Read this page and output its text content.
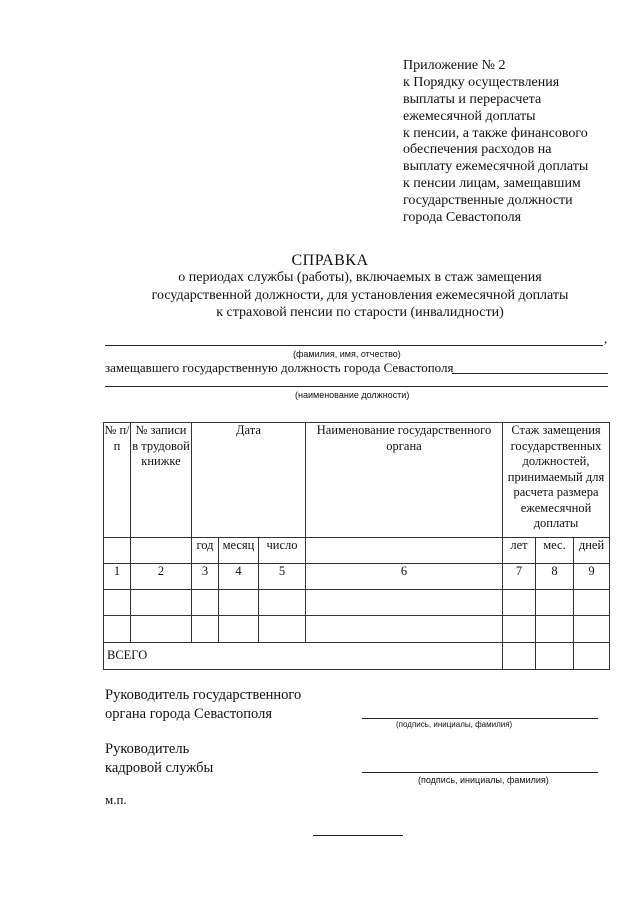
Приложение № 2
к Порядку осуществления
выплаты и перерасчета
ежемесячной доплаты
к пенсии, а также финансового
обеспечения расходов на
выплату ежемесячной доплаты
к пенсии лицам, замещавшим
государственные должности
города Севастополя
СПРАВКА
о периодах службы (работы), включаемых в стаж замещения
государственной должности, для установления ежемесячной доплаты
к страховой пенсии по старости (инвалидности)
,
(фамилия, имя, отчество)
замещавшего государственную должность города Севастополя
(наименование должности)
№ п/п	№ записи в трудовой книжке	Дата			Наименование государственного органа	Стаж замещения государственных должностей, принимаемый для расчета размера ежемесячной доплаты		
		год	месяц	число		лет	мес.	дней
1	2	3	4	5	6	7	8	9

ВСЕГО								
Руководитель государственного
органа города Севастополя
(подпись, инициалы, фамилия)
Руководитель
кадровой службы
(подпись, инициалы, фамилия)
м.п.
